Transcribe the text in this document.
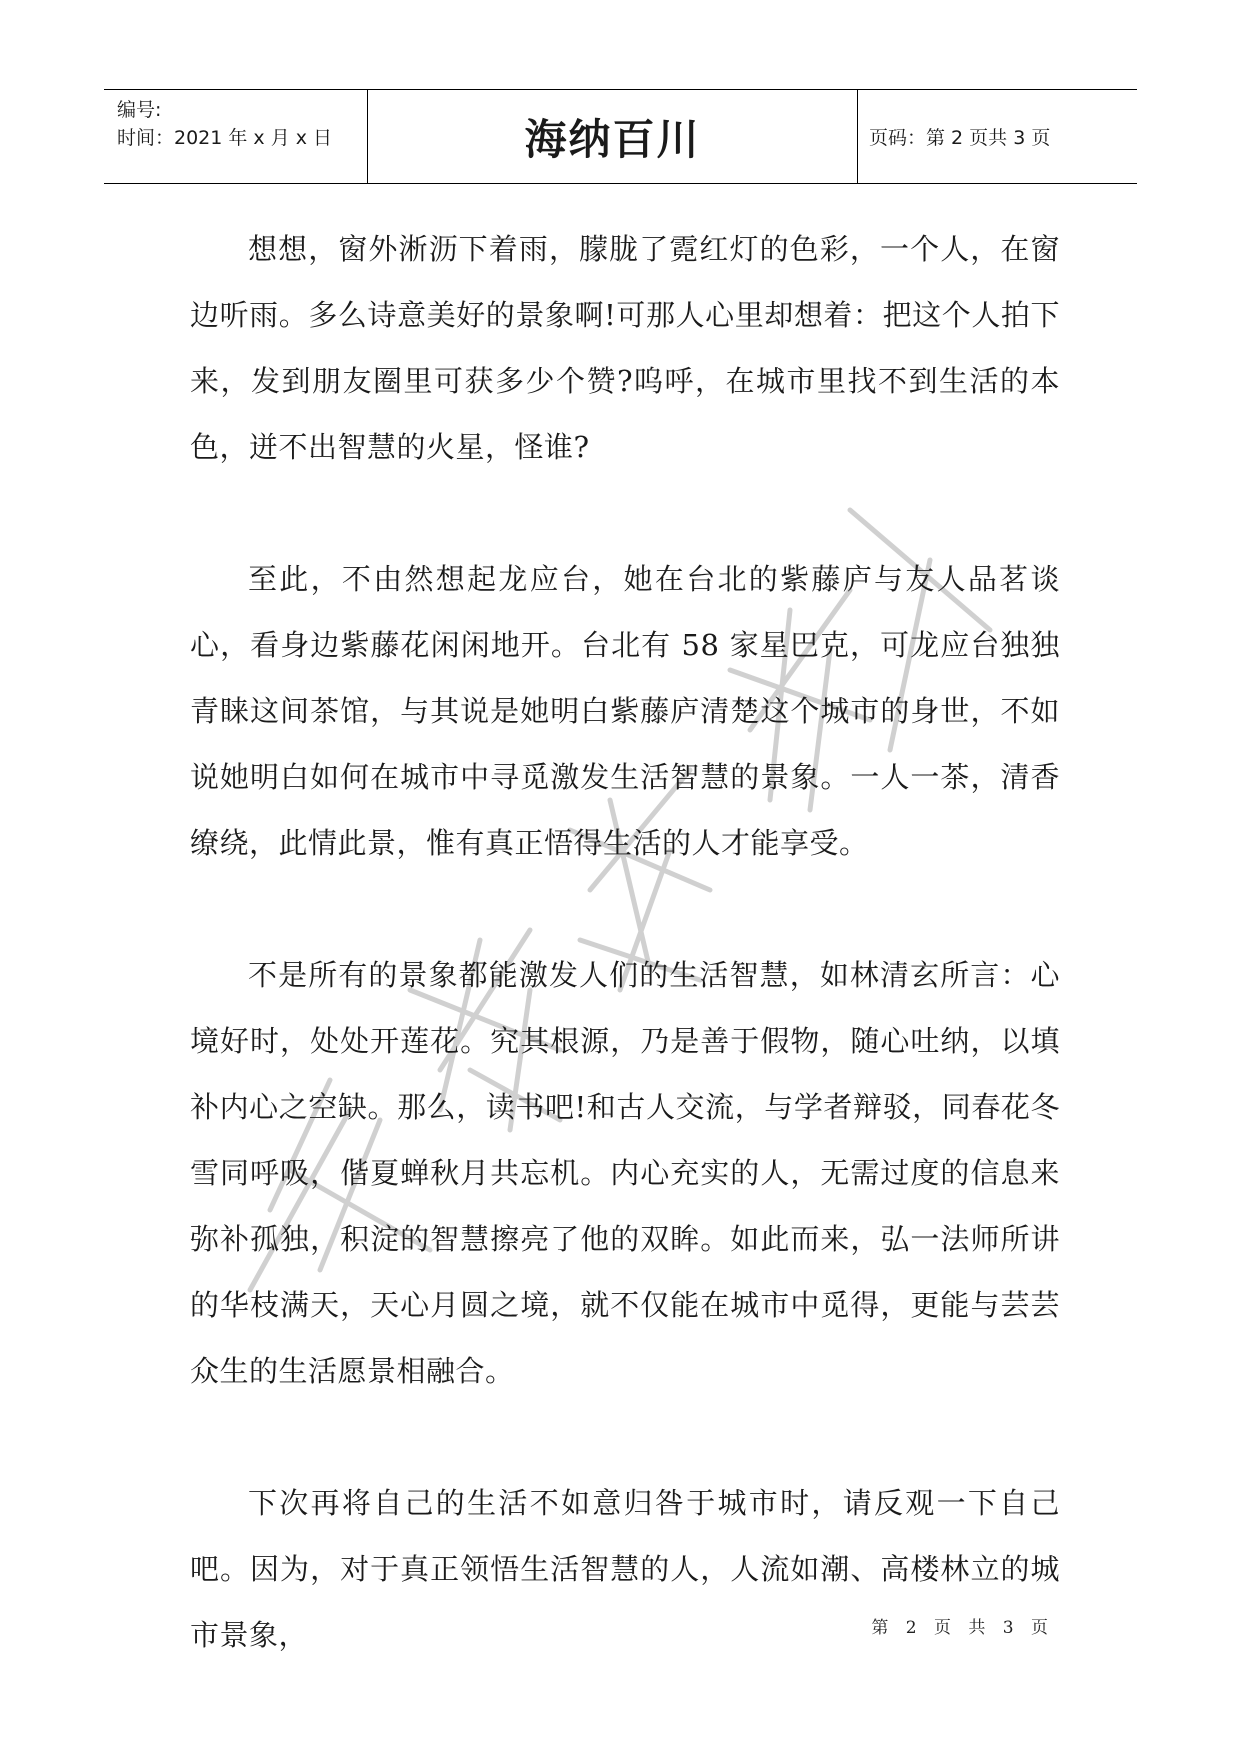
编号:
时间：2021 年 x 月 x 日	海纳百川	页码：第 2 页共 3 页

想想，窗外淅沥下着雨，朦胧了霓红灯的色彩，一个人，在窗边听雨。多么诗意美好的景象啊!可那人心里却想着：把这个人拍下来，发到朋友圈里可获多少个赞?呜呼，在城市里找不到生活的本色，迸不出智慧的火星，怪谁?

至此，不由然想起龙应台，她在台北的紫藤庐与友人品茗谈心，看身边紫藤花闲闲地开。台北有 58 家星巴克，可龙应台独独青睐这间茶馆，与其说是她明白紫藤庐清楚这个城市的身世，不如说她明白如何在城市中寻觅激发生活智慧的景象。一人一茶，清香缭绕，此情此景，惟有真正悟得生活的人才能享受。

不是所有的景象都能激发人们的生活智慧，如林清玄所言：心境好时，处处开莲花。究其根源，乃是善于假物，随心吐纳，以填补内心之空缺。那么，读书吧!和古人交流，与学者辩驳，同春花冬雪同呼吸，偕夏蝉秋月共忘机。内心充实的人，无需过度的信息来弥补孤独，积淀的智慧擦亮了他的双眸。如此而来，弘一法师所讲的华枝满天，天心月圆之境，就不仅能在城市中觅得，更能与芸芸众生的生活愿景相融合。

下次再将自己的生活不如意归咎于城市时，请反观一下自己吧。因为，对于真正领悟生活智慧的人，人流如潮、高楼林立的城市景象，	第 2 页 共 3 页
